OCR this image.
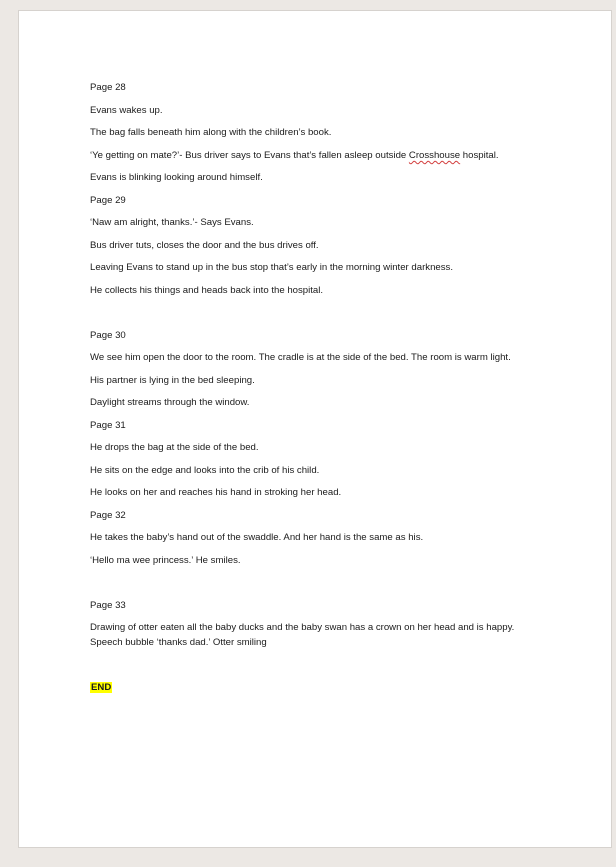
Page 28

Evans wakes up.

The bag falls beneath him along with the children’s book.

‘Ye getting on mate?’- Bus driver says to Evans that’s fallen asleep outside Crosshouse hospital.

Evans is blinking looking around himself.

Page 29

‘Naw am alright, thanks.’- Says Evans.

Bus driver tuts, closes the door and the bus drives off.

Leaving Evans to stand up in the bus stop that’s early in the morning winter darkness.

He collects his things and heads back into the hospital.

Page 30

We see him open the door to the room. The cradle is at the side of the bed. The room is warm light.

His partner is lying in the bed sleeping.

Daylight streams through the window.

Page 31

He drops the bag at the side of the bed.

He sits on the edge and looks into the crib of his child.

He looks on her and reaches his hand in stroking her head.

Page 32

He takes the baby’s hand out of the swaddle. And her hand is the same as his.

‘Hello ma wee princess.’ He smiles.

Page 33

Drawing of otter eaten all the baby ducks and the baby swan has a crown on her head and is happy.

Speech bubble ‘thanks dad.’ Otter smiling

END
